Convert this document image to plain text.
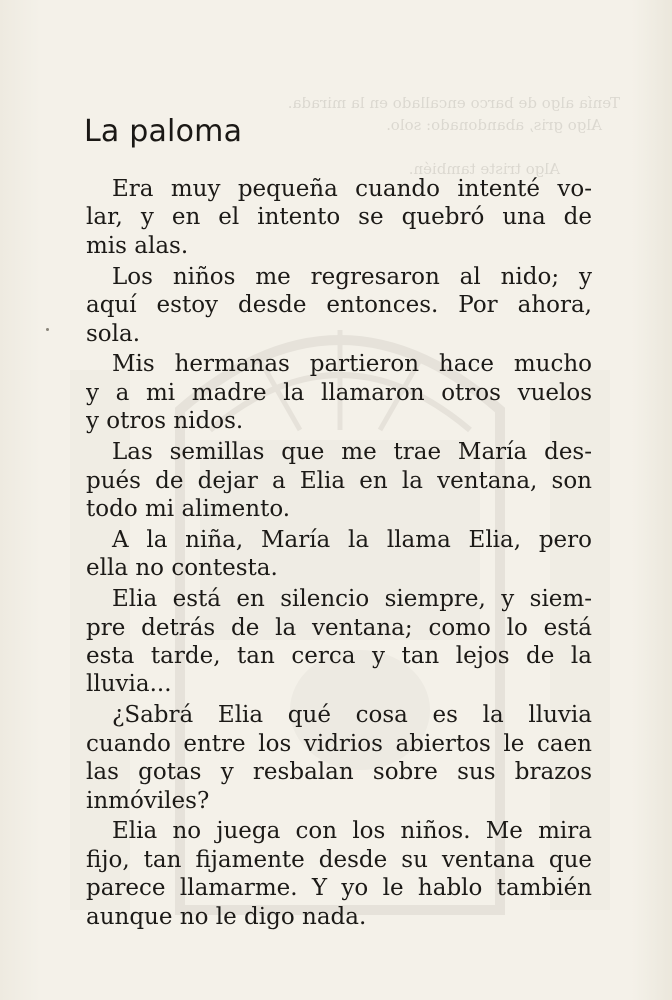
Tenía algo de barco encallado en la mirada.
Algo gris, abandonado: solo.

Algo triste también.
La paloma

Era muy pequeña cuando intenté vo-
lar, y en el intento se quebró una de
mis alas.

Los niños me regresaron al nido; y
aquí estoy desde entonces. Por ahora,
sola.

Mis hermanas partieron hace mucho
y a mi madre la llamaron otros vuelos
y otros nidos.

Las semillas que me trae María des-
pués de dejar a Elia en la ventana, son
todo mi alimento.

A la niña, María la llama Elia, pero
ella no contesta.

Elia está en silencio siempre, y siem-
pre detrás de la ventana; como lo está
esta tarde, tan cerca y tan lejos de la
lluvia...

¿Sabrá Elia qué cosa es la lluvia
cuando entre los vidrios abiertos le caen
las gotas y resbalan sobre sus brazos
inmóviles?

Elia no juega con los niños. Me mira
fijo, tan fijamente desde su ventana que
parece llamarme. Y yo le hablo también
aunque no le digo nada.
